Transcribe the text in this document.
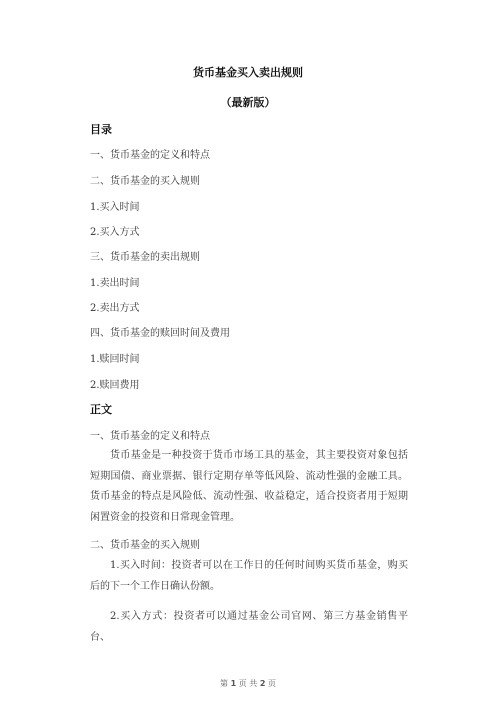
货币基金买入卖出规则
（最新版）
目录
一、货币基金的定义和特点
二、货币基金的买入规则
1.买入时间
2.买入方式
三、货币基金的卖出规则
1.卖出时间
2.卖出方式
四、货币基金的赎回时间及费用
1.赎回时间
2.赎回费用
正文
一、货币基金的定义和特点
货币基金是一种投资于货币市场工具的基金，其主要投资对象包括短期国债、商业票据、银行定期存单等低风险、流动性强的金融工具。货币基金的特点是风险低、流动性强、收益稳定，适合投资者用于短期闲置资金的投资和日常现金管理。
二、货币基金的买入规则
1.买入时间：投资者可以在工作日的任何时间购买货币基金，购买后的下一个工作日确认份额。
2.买入方式：投资者可以通过基金公司官网、第三方基金销售平台、
第 1 页 共 2 页
